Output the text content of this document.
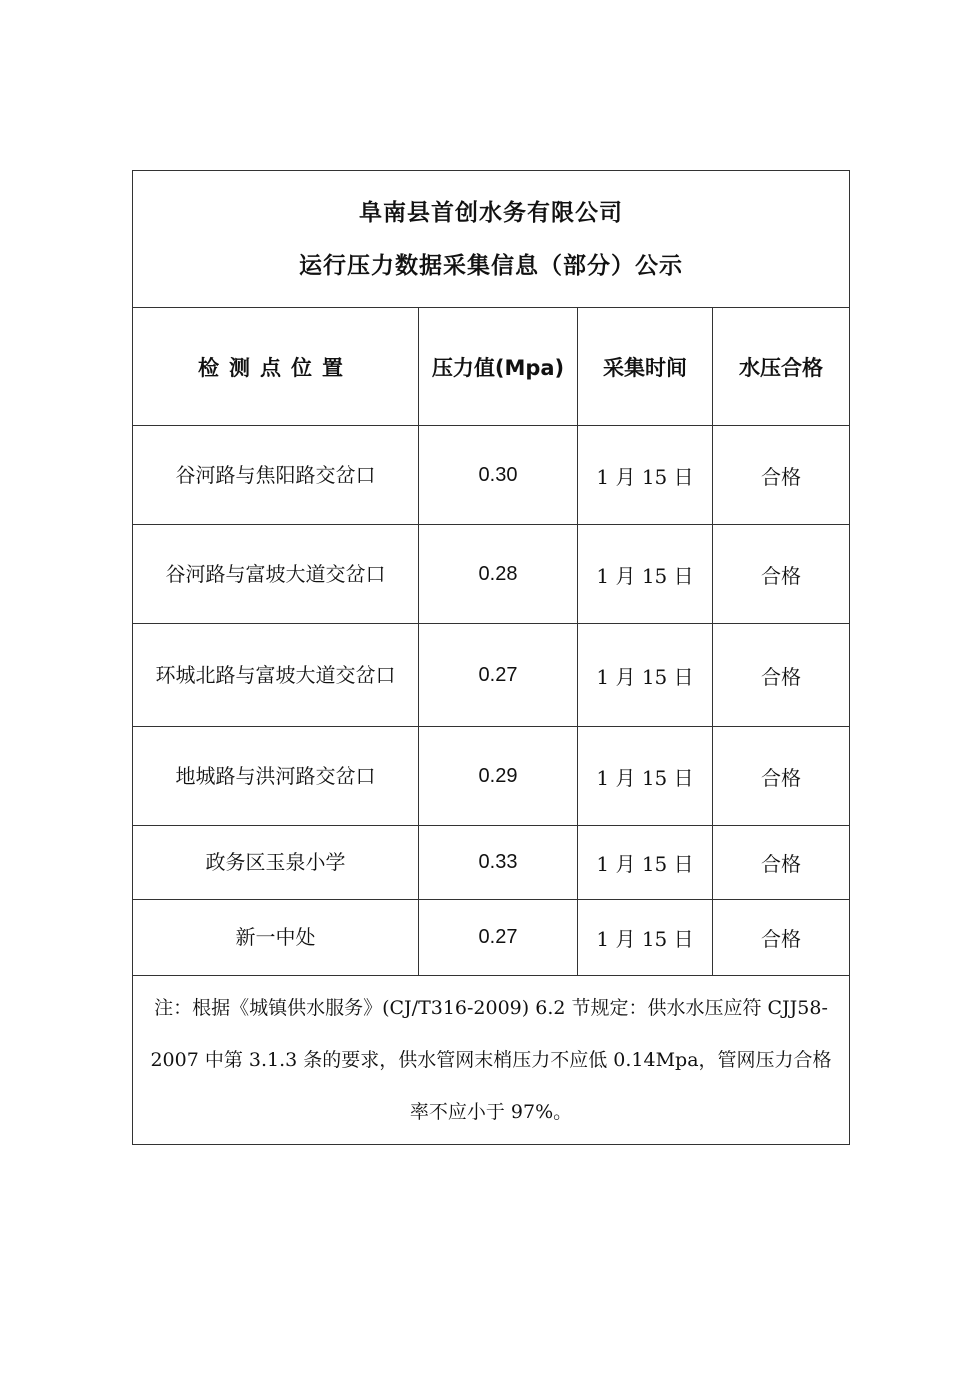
阜南县首创水务有限公司
运行压力数据采集信息（部分）公示			

检测点位置	压力值(Mpa)	采集时间	水压合格
谷河路与焦阳路交岔口	0.30	1 月 15 日	合格
谷河路与富坡大道交岔口	0.28	1 月 15 日	合格
环城北路与富坡大道交岔口	0.27	1 月 15 日	合格
地城路与洪河路交岔口	0.29	1 月 15 日	合格
政务区玉泉小学	0.33	1 月 15 日	合格
新一中处	0.27	1 月 15 日	合格
注：根据《城镇供水服务》(CJ/T316-2009) 6.2 节规定：供水水压应符 CJJ58-2007 中第 3.1.3 条的要求，供水管网末梢压力不应低 0.14Mpa，管网压力合格率不应小于 97%。			
